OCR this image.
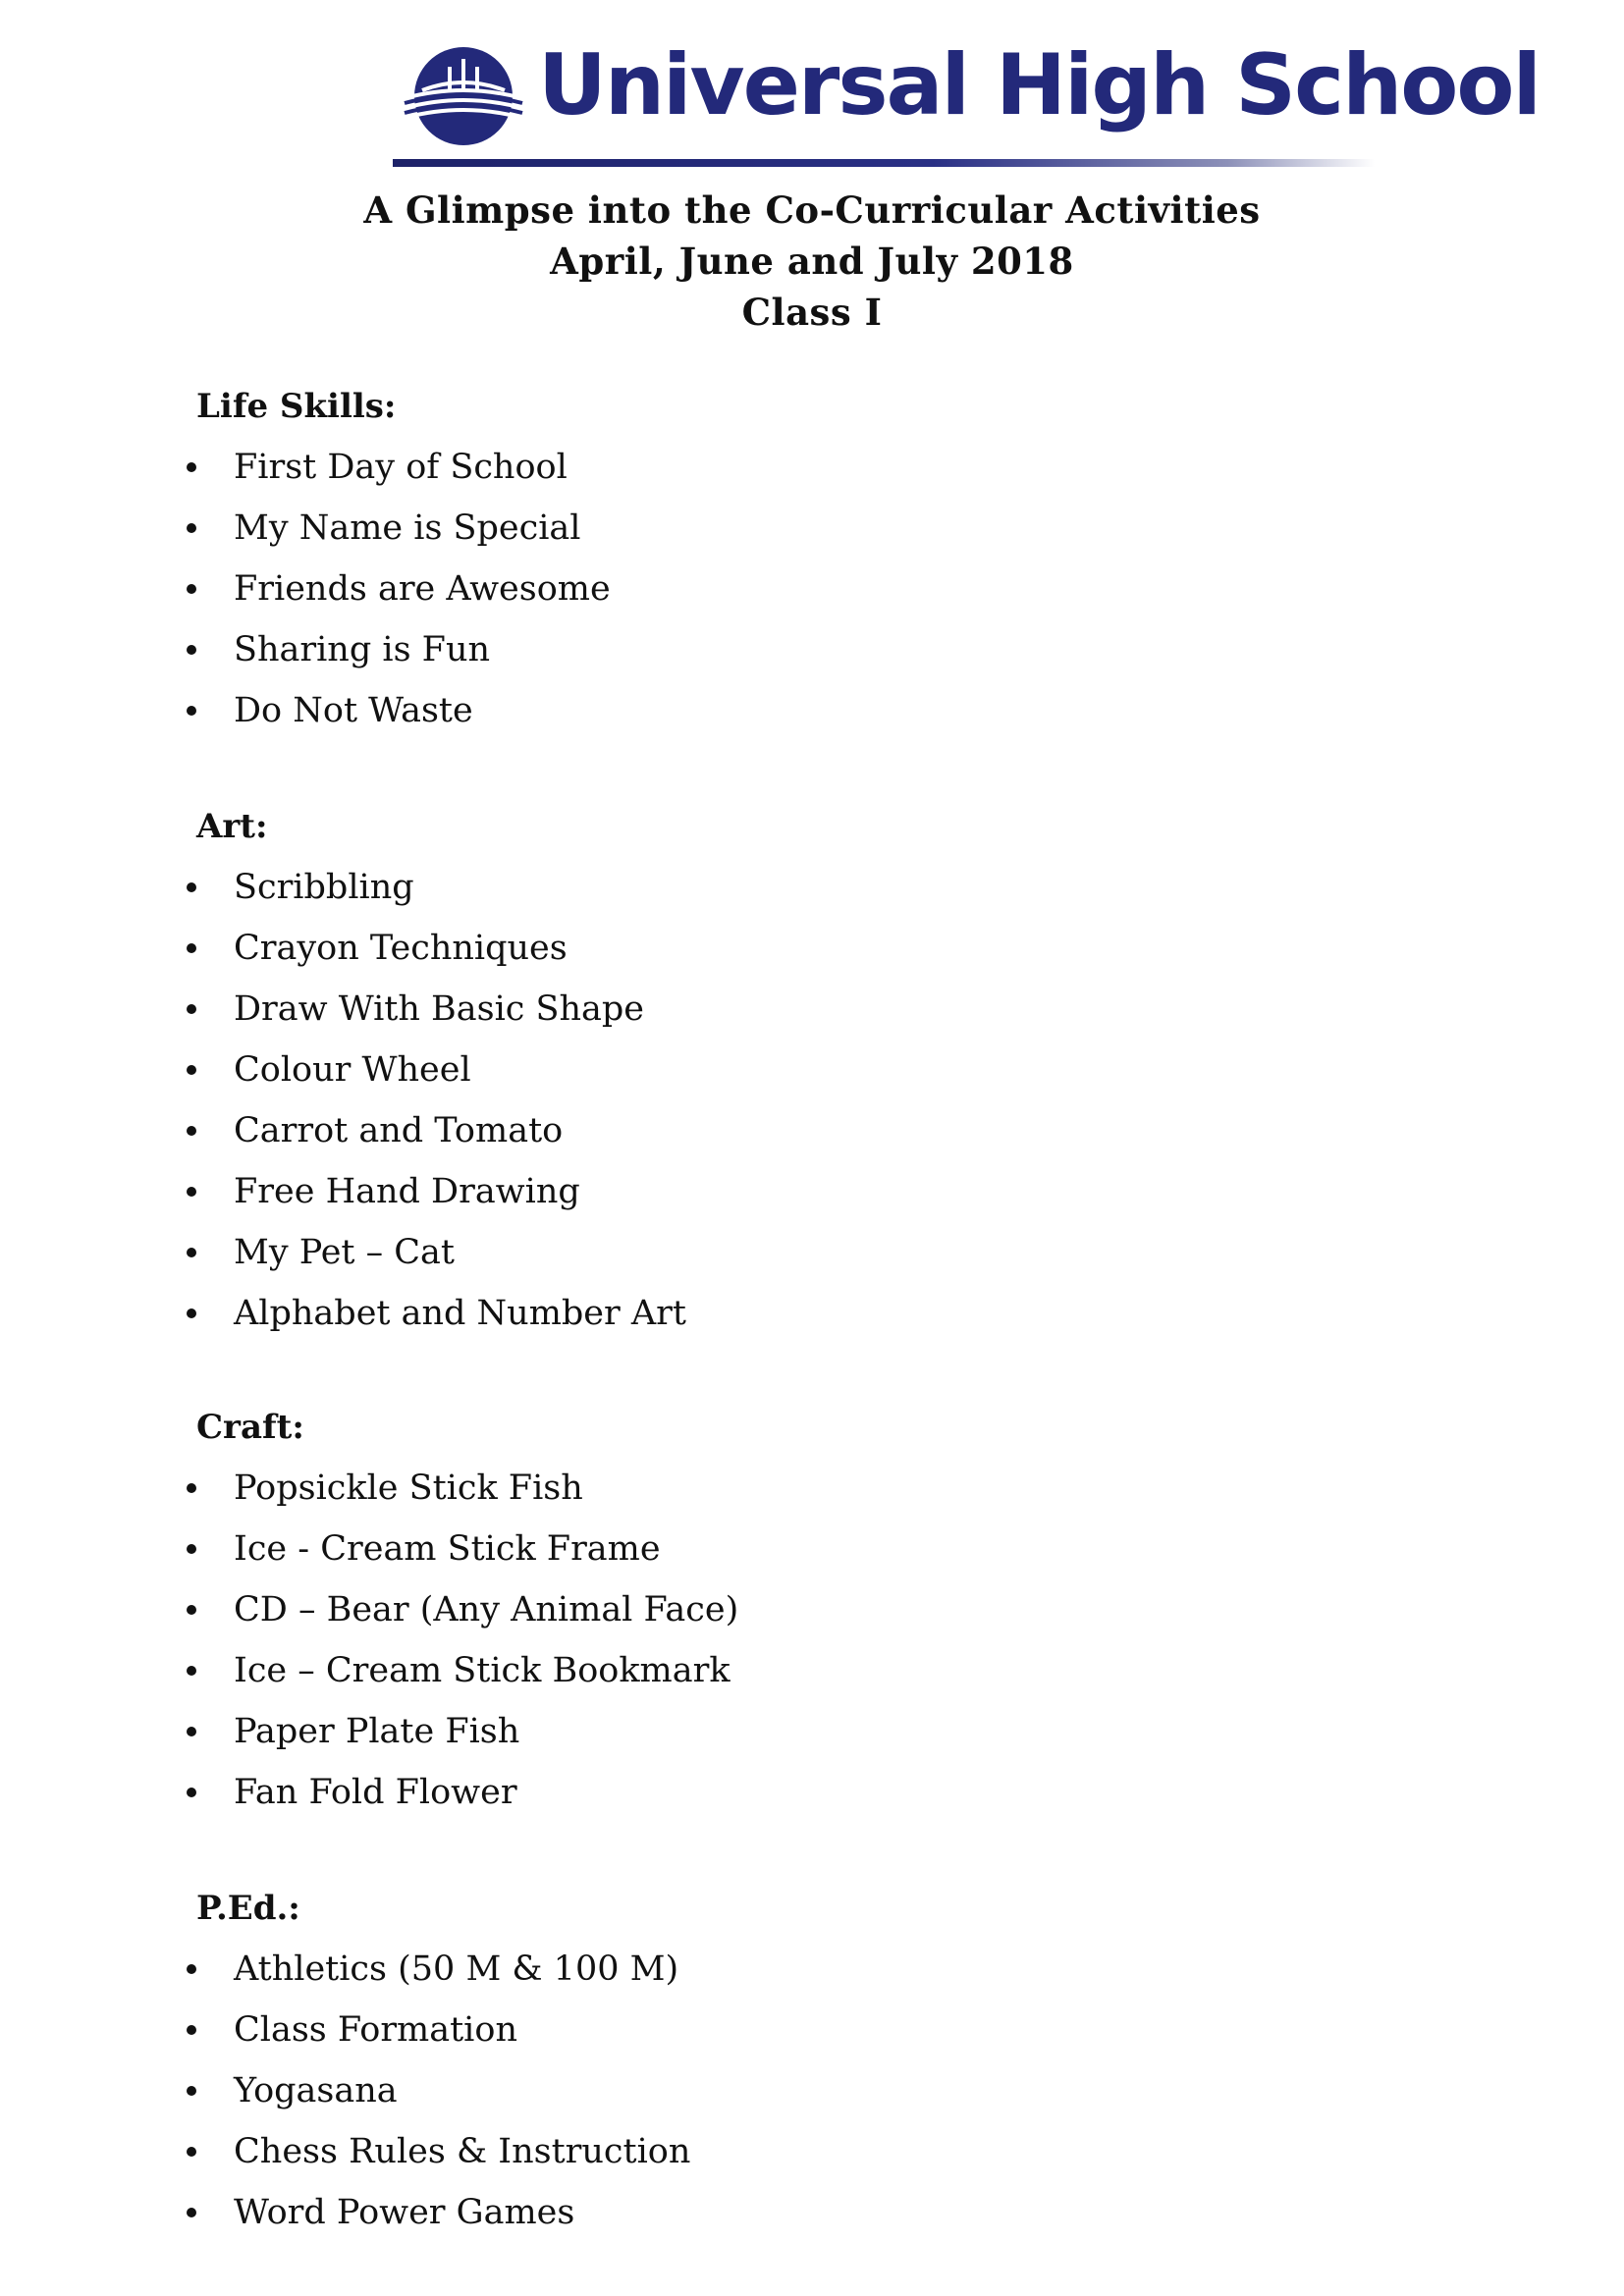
Universal High School
A Glimpse into the Co-Curricular Activities
April, June and July 2018
Class I
Life Skills:
First Day of School
My Name is Special
Friends are Awesome
Sharing is Fun
Do Not Waste
Art:
Scribbling
Crayon Techniques
Draw With Basic Shape
Colour Wheel
Carrot and Tomato
Free Hand Drawing
My Pet – Cat
Alphabet and Number Art
Craft:
Popsickle Stick Fish
Ice - Cream Stick Frame
CD – Bear (Any Animal Face)
Ice – Cream Stick Bookmark
Paper Plate Fish
Fan Fold Flower
P.Ed.:
Athletics (50 M & 100 M)
Class Formation
Yogasana
Chess Rules & Instruction
Word Power Games
